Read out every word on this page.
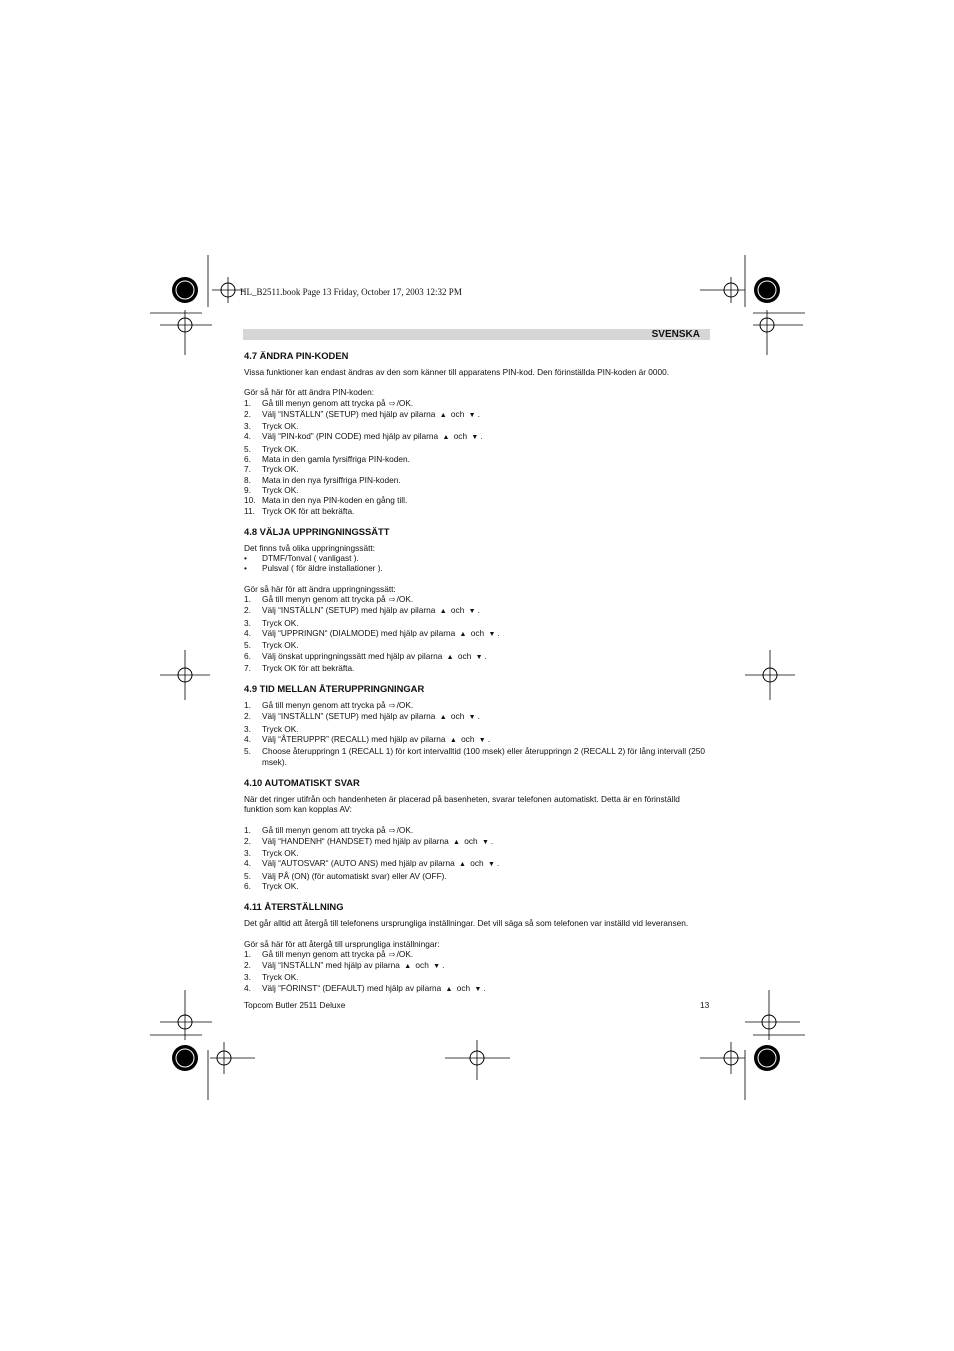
HL_B2511.book Page 13 Friday, October 17, 2003 12:32 PM
SVENSKA
4.7 ÄNDRA PIN-KODEN

Vissa funktioner kan endast ändras av den som känner till apparatens PIN-kod. Den förinställda PIN-koden är 0000.

Gör så här för att ändra PIN-koden:

1.	Gå till menyn genom att trycka på ⇨/OK.
2.	Välj “INSTÄLLN” (SETUP) med hjälp av pilarna ▲ och ▼ .
3.	Tryck OK.
4.	Välj “PIN-kod” (PIN CODE) med hjälp av pilarna ▲ och ▼ .
5.	Tryck OK.
6.	Mata in den gamla fyrsiffriga PIN-koden.
7.	Tryck OK.
8.	Mata in den nya fyrsiffriga PIN-koden.
9.	Tryck OK.
10. Mata in den nya PIN-koden en gång till.
11. Tryck OK för att bekräfta.
4.8 VÄLJA UPPRINGNINGSSÄTT

Det finns två olika uppringningssätt:

•	DTMF/Tonval ( vanligast ).
•	Pulsval ( för äldre installationer ).

Gör så här för att ändra uppringningssätt:

1.	Gå till menyn genom att trycka på ⇨/OK.
2.	Välj “INSTÄLLN” (SETUP) med hjälp av pilarna ▲ och ▼ .
3.	Tryck OK.
4.	Välj “UPPRINGN“ (DIALMODE) med hjälp av pilarna ▲ och ▼ .
5.	Tryck OK.
6.	Välj önskat uppringningssätt med hjälp av pilarna ▲ och ▼ .
7.	Tryck OK för att bekräfta.
4.9 TID MELLAN ÅTERUPPRINGNINGAR
1.	Gå till menyn genom att trycka på ⇨/OK.
2.	Välj “INSTÄLLN” (SETUP) med hjälp av pilarna ▲ och ▼ .
3.	Tryck OK.
4.	Välj “ÅTERUPPR” (RECALL) med hjälp av pilarna ▲ och ▼ .
5.	Choose återuppringn 1 (RECALL 1) för kort intervalltid (100 msek) eller återuppringn 2 (RECALL 2) för lång intervall (250 msek).
4.10 AUTOMATISKT SVAR

När det ringer utifrån och handenheten är placerad på basenheten, svarar telefonen automatiskt. Detta är en förinställd funktion som kan kopplas AV:

1.	Gå till menyn genom att trycka på ⇨/OK.
2.	Välj “HANDENH“ (HANDSET) med hjälp av pilarna ▲ och ▼ .
3.	Tryck OK.
4.	Välj “AUTOSVAR“ (AUTO ANS) med hjälp av pilarna ▲ och ▼ .
5.	Välj PÅ (ON) (för automatiskt svar) eller AV (OFF).
6.	Tryck OK.
4.11 ÅTERSTÄLLNING

Det går alltid att återgå till telefonens ursprungliga inställningar. Det vill säga så som telefonen var inställd vid leveransen.

Gör så här för att återgå till ursprungliga inställningar:

1.	Gå till menyn genom att trycka på ⇨/OK.
2.	Välj “INSTÄLLN” med hjälp av pilarna ▲ och ▼ .
3.	Tryck OK.
4.	Välj “FÖRINST“ (DEFAULT) med hjälp av pilarna ▲ och ▼ .
Topcom Butler 2511 Deluxe	13
